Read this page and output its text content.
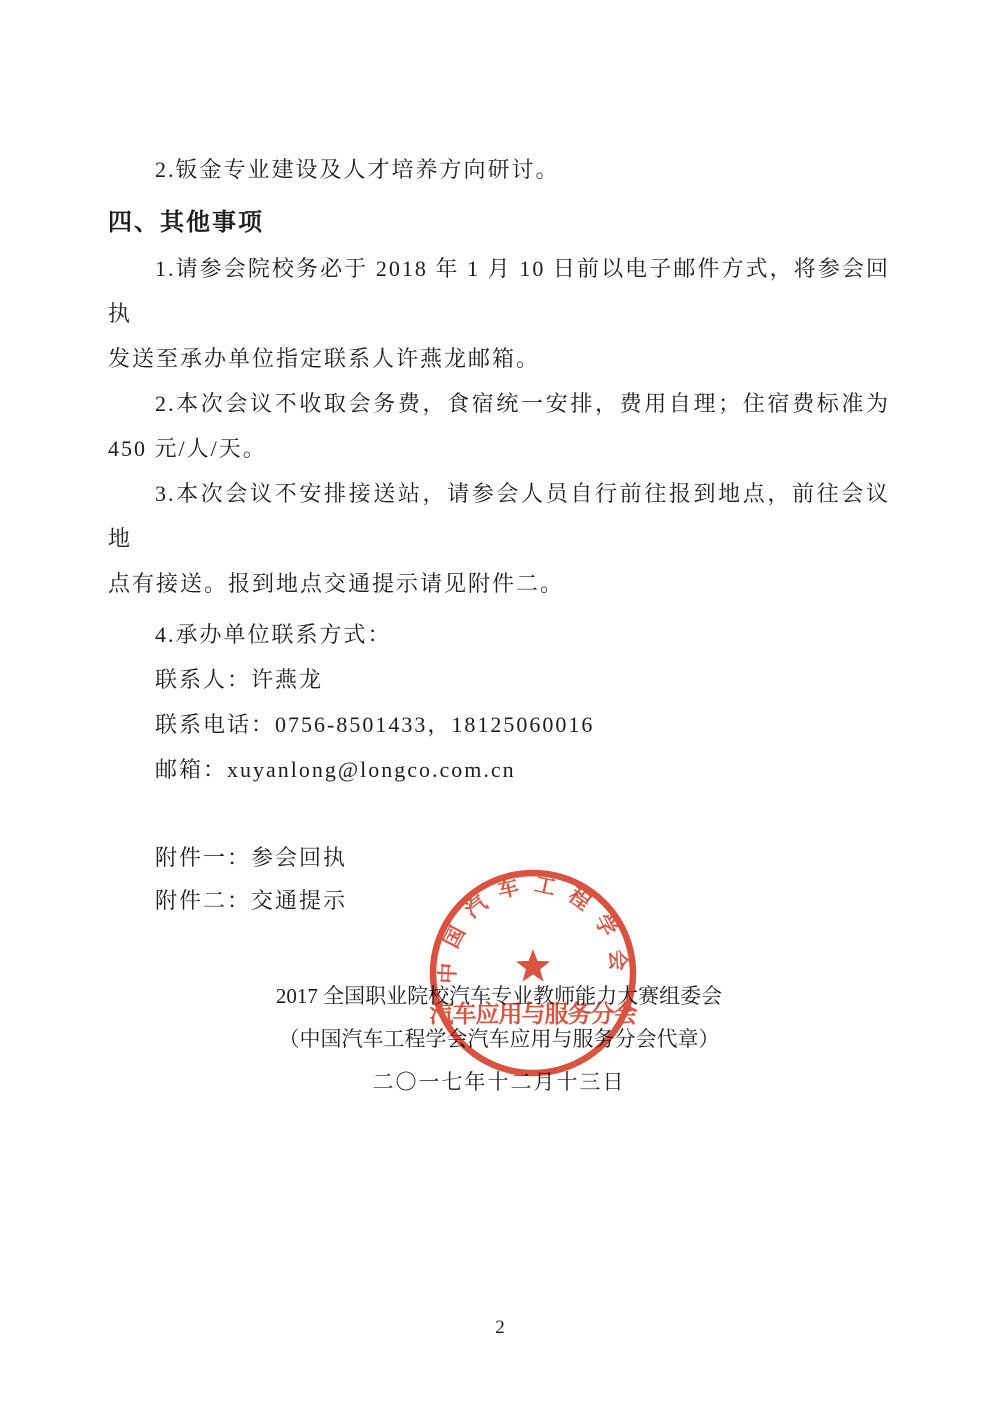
2.钣金专业建设及人才培养方向研讨。
四、其他事项
1.请参会院校务必于 2018 年 1 月 10 日前以电子邮件方式，将参会回执
发送至承办单位指定联系人许燕龙邮箱。
2.本次会议不收取会务费，食宿统一安排，费用自理；住宿费标准为
450 元/人/天。
3.本次会议不安排接送站，请参会人员自行前往报到地点，前往会议地
点有接送。报到地点交通提示请见附件二。
4.承办单位联系方式：
联系人：许燕龙
联系电话：0756-8501433，18125060016
邮箱：xuyanlong@longco.com.cn
附件一：参会回执
附件二：交通提示
2017 全国职业院校汽车专业教师能力大赛组委会
（中国汽车工程学会汽车应用与服务分会代章）
二〇一七年十二月十三日
中国汽车工程学会
汽车应用与服务分会
2
